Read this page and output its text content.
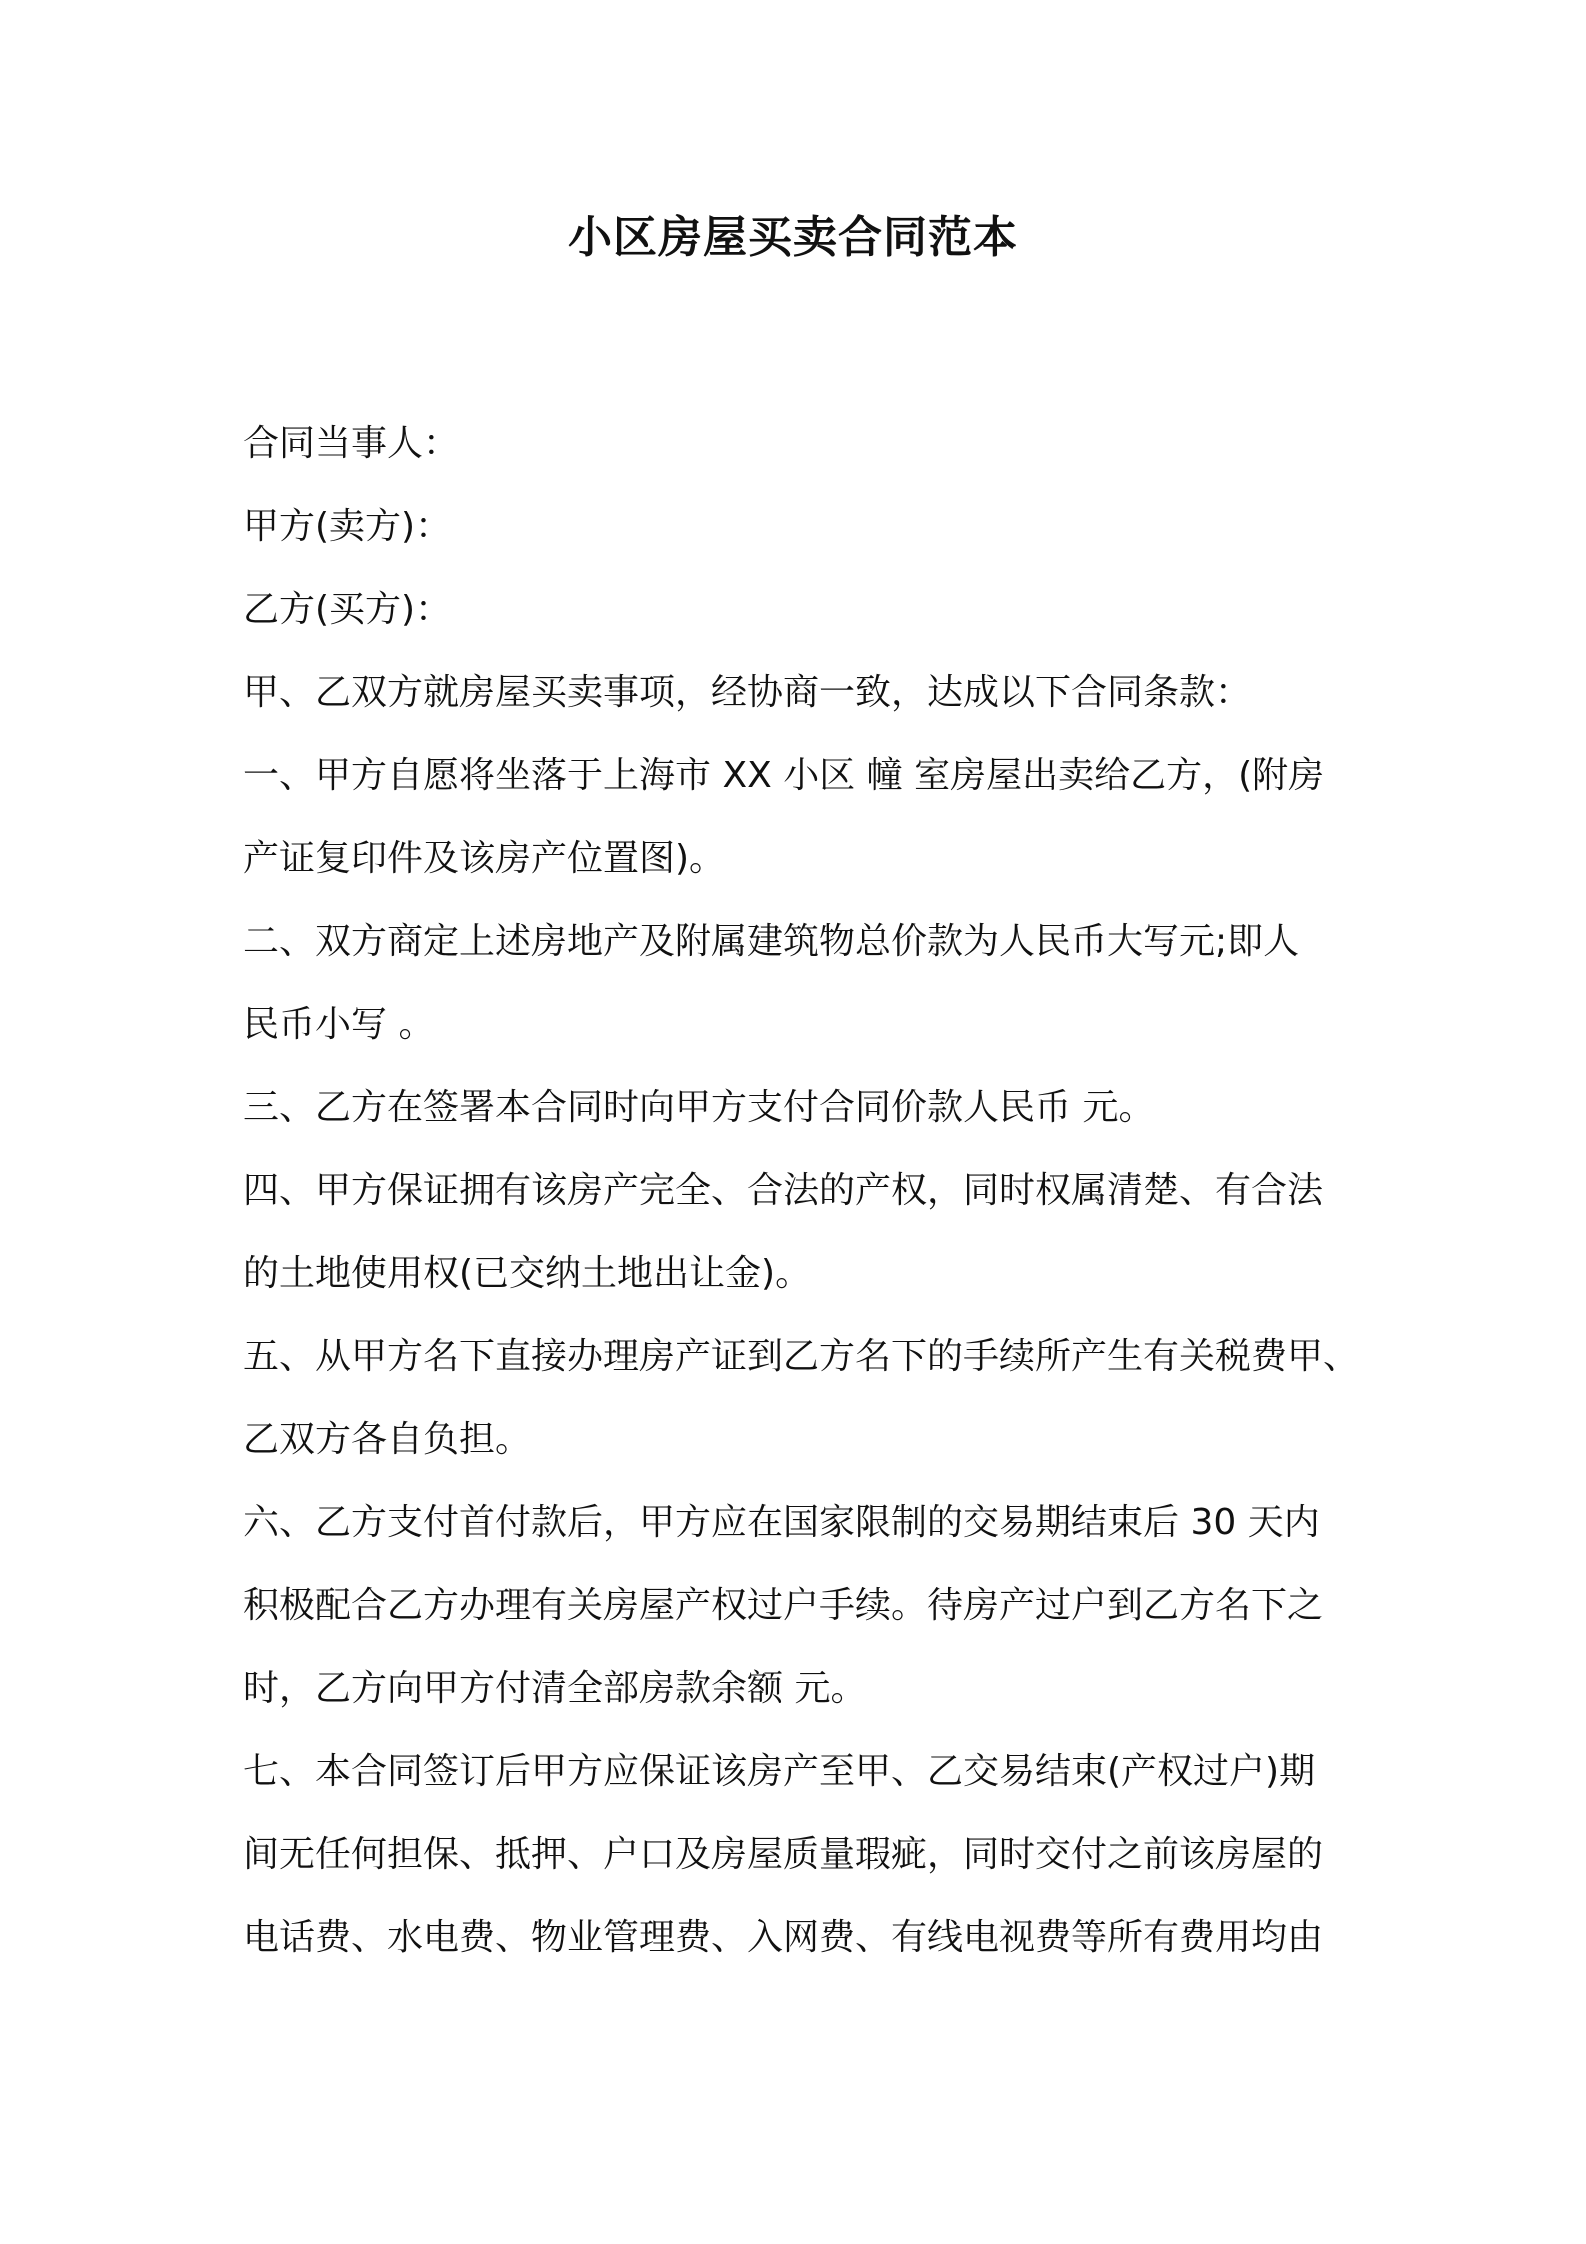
小区房屋买卖合同范本
合同当事人：
甲方(卖方)：
乙方(买方)：
甲、乙双方就房屋买卖事项，经协商一致，达成以下合同条款：
一、甲方自愿将坐落于上海市 XX 小区 幢 室房屋出卖给乙方，(附房
产证复印件及该房产位置图)。
二、双方商定上述房地产及附属建筑物总价款为人民币大写元;即人
民币小写 。
三、乙方在签署本合同时向甲方支付合同价款人民币 元。
四、甲方保证拥有该房产完全、合法的产权，同时权属清楚、有合法
的土地使用权(已交纳土地出让金)。
五、从甲方名下直接办理房产证到乙方名下的手续所产生有关税费甲、
乙双方各自负担。
六、乙方支付首付款后，甲方应在国家限制的交易期结束后 30 天内
积极配合乙方办理有关房屋产权过户手续。待房产过户到乙方名下之
时，乙方向甲方付清全部房款余额 元。
七、本合同签订后甲方应保证该房产至甲、乙交易结束(产权过户)期
间无任何担保、抵押、户口及房屋质量瑕疵，同时交付之前该房屋的
电话费、水电费、物业管理费、入网费、有线电视费等所有费用均由
